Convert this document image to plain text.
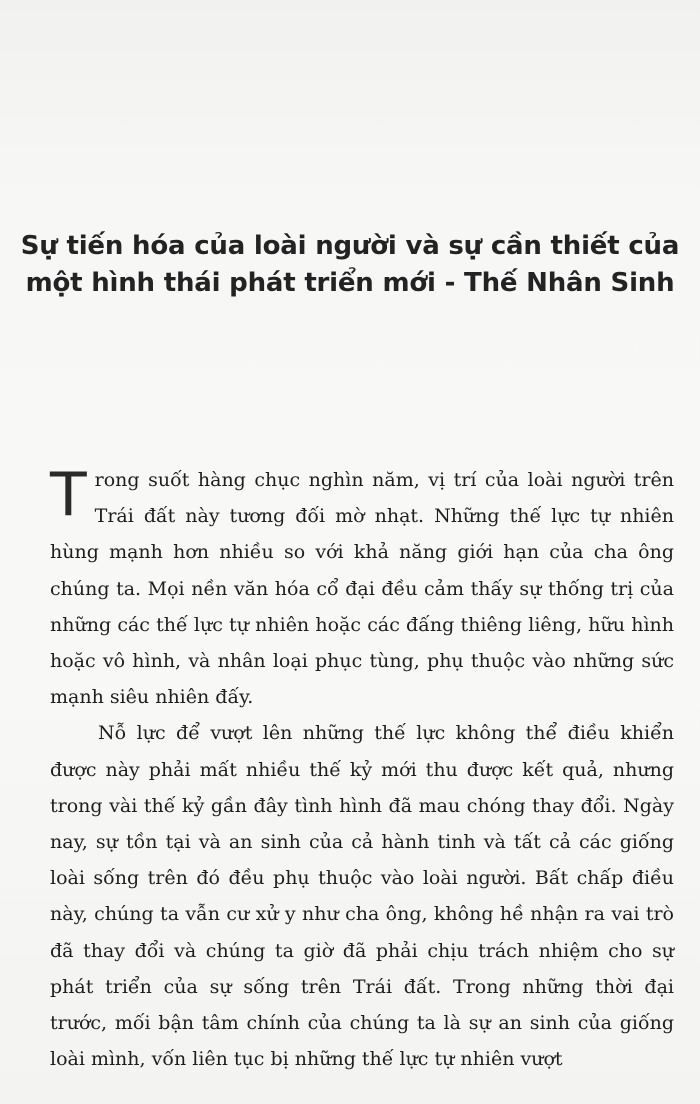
Sự tiến hóa của loài người và sự cần thiết của một hình thái phát triển mới - Thế Nhân Sinh

Trong suốt hàng chục nghìn năm, vị trí của loài người trên Trái đất này tương đối mờ nhạt. Những thế lực tự nhiên hùng mạnh hơn nhiều so với khả năng giới hạn của cha ông chúng ta. Mọi nền văn hóa cổ đại đều cảm thấy sự thống trị của những các thế lực tự nhiên hoặc các đấng thiêng liêng, hữu hình hoặc vô hình, và nhân loại phục tùng, phụ thuộc vào những sức mạnh siêu nhiên đấy.

Nỗ lực để vượt lên những thế lực không thể điều khiển được này phải mất nhiều thế kỷ mới thu được kết quả, nhưng trong vài thế kỷ gần đây tình hình đã mau chóng thay đổi. Ngày nay, sự tồn tại và an sinh của cả hành tinh và tất cả các giống loài sống trên đó đều phụ thuộc vào loài người. Bất chấp điều này, chúng ta vẫn cư xử y như cha ông, không hề nhận ra vai trò đã thay đổi và chúng ta giờ đã phải chịu trách nhiệm cho sự phát triển của sự sống trên Trái đất. Trong những thời đại trước, mối bận tâm chính của chúng ta là sự an sinh của giống loài mình, vốn liên tục bị những thế lực tự nhiên vượt
